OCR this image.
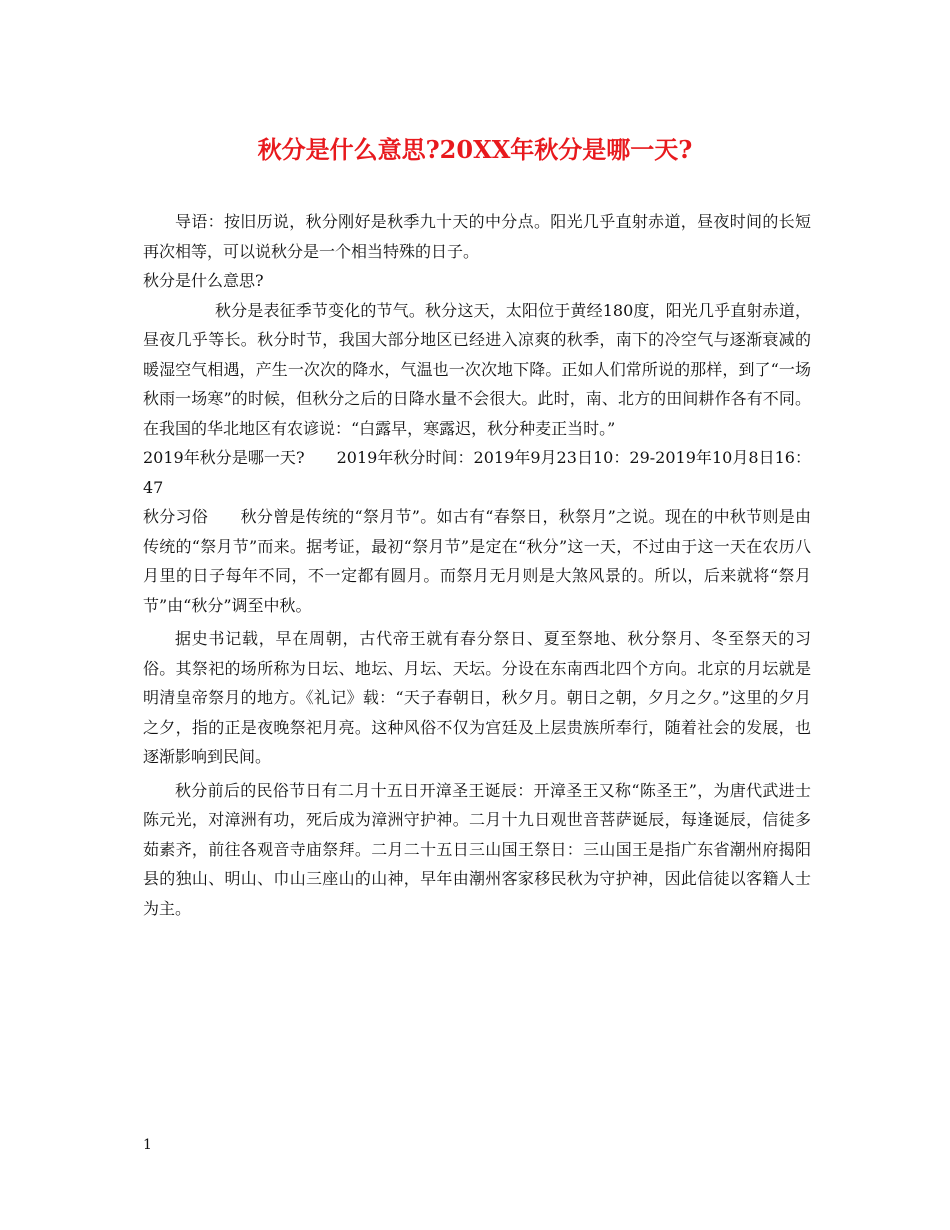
秋分是什么意思?20XX年秋分是哪一天?

导语：按旧历说，秋分刚好是秋季九十天的中分点。阳光几乎直射赤道，昼夜时间的长短再次相等，可以说秋分是一个相当特殊的日子。

秋分是什么意思?

秋分是表征季节变化的节气。秋分这天，太阳位于黄经180度，阳光几乎直射赤道，昼夜几乎等长。秋分时节，我国大部分地区已经进入凉爽的秋季，南下的冷空气与逐渐衰减的暖湿空气相遇，产生一次次的降水，气温也一次次地下降。正如人们常所说的那样，到了“一场秋雨一场寒”的时候，但秋分之后的日降水量不会很大。此时，南、北方的田间耕作各有不同。在我国的华北地区有农谚说：“白露早，寒露迟，秋分种麦正当时。”

2019年秋分是哪一天?　　2019年秋分时间：2019年9月23日10：29-2019年10月8日16：47

秋分习俗　　秋分曾是传统的“祭月节”。如古有“春祭日，秋祭月”之说。现在的中秋节则是由传统的“祭月节”而来。据考证，最初“祭月节”是定在“秋分”这一天，不过由于这一天在农历八月里的日子每年不同，不一定都有圆月。而祭月无月则是大煞风景的。所以，后来就将“祭月节”由“秋分”调至中秋。

据史书记载，早在周朝，古代帝王就有春分祭日、夏至祭地、秋分祭月、冬至祭天的习俗。其祭祀的场所称为日坛、地坛、月坛、天坛。分设在东南西北四个方向。北京的月坛就是明清皇帝祭月的地方。《礼记》载：“天子春朝日，秋夕月。朝日之朝，夕月之夕。”这里的夕月之夕，指的正是夜晚祭祀月亮。这种风俗不仅为宫廷及上层贵族所奉行，随着社会的发展，也逐渐影响到民间。

秋分前后的民俗节日有二月十五日开漳圣王诞辰：开漳圣王又称“陈圣王”，为唐代武进士陈元光，对漳洲有功，死后成为漳洲守护神。二月十九日观世音菩萨诞辰，每逢诞辰，信徒多茹素齐，前往各观音寺庙祭拜。二月二十五日三山国王祭日：三山国王是指广东省潮州府揭阳县的独山、明山、巾山三座山的山神，早年由潮州客家移民秋为守护神，因此信徒以客籍人士为主。

1
